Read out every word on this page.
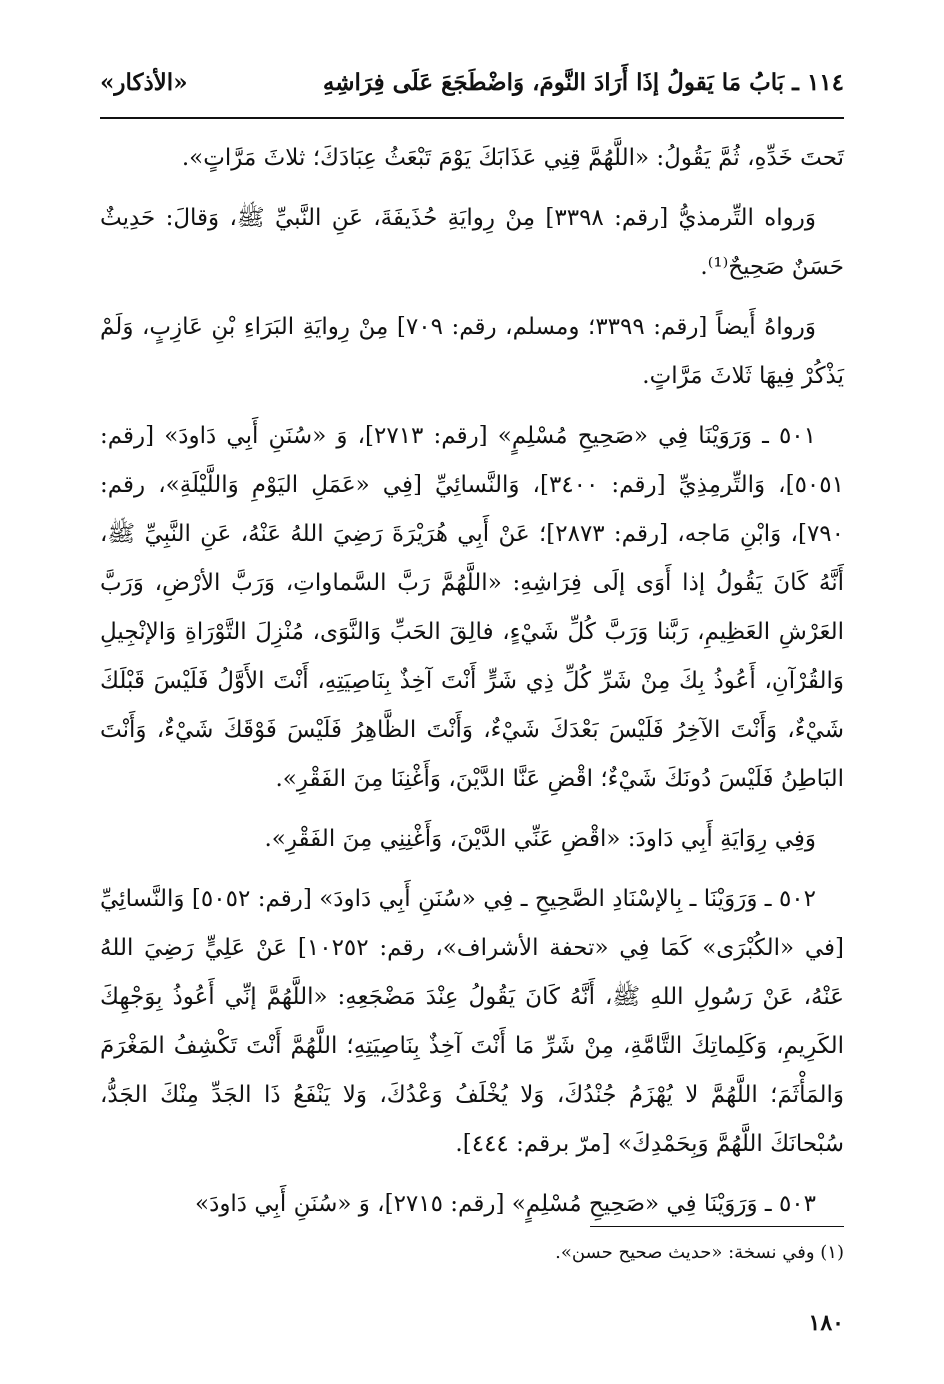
١١٤ ـ بَابُ مَا يَقولُ إذَا أَرَادَ النَّومَ، وَاضْطَجَعَ عَلَى فِرَاشِهِ
«الأذكار»

تَحتَ خَدِّهِ، ثُمَّ يَقُولُ: «اللَّهُمَّ قِنِي عَذَابَكَ يَوْمَ تَبْعَثُ عِبَادَكَ؛ ثلاثَ مَرَّاتٍ».

وَرواه التِّرمذيُّ [رقم: ٣٣٩٨] مِنْ رِوايَةِ حُذَيفَةَ، عَنِ النَّبيِّ ﷺ، وَقالَ: حَدِيثٌ حَسَنٌ صَحِيحٌ⁽¹⁾.

وَرواهُ أَيضاً [رقم: ٣٣٩٩؛ ومسلم، رقم: ٧٠٩] مِنْ رِوايَةِ البَرَاءِ بْنِ عَازِبٍ، وَلَمْ يَذْكُرْ فِيهَا ثَلاثَ مَرَّاتٍ.

٥٠١ ـ وَرَوَيْنَا فِي «صَحِيحِ مُسْلِمٍ» [رقم: ٢٧١٣]، وَ «سُنَنِ أَبِي دَاودَ» [رقم: ٥٠٥١]، وَالتِّرمِذِيِّ [رقم: ٣٤٠٠]، وَالنَّسائِيِّ [فِي «عَمَلِ اليَوْمِ وَاللَّيْلَةِ»، رقم: ٧٩٠]، وَابْنِ مَاجه، [رقم: ٢٨٧٣]؛ عَنْ أَبِي هُرَيْرَةَ رَضِيَ اللهُ عَنْهُ، عَنِ النَّبِيِّ ﷺ، أَنَّهُ كَانَ يَقُولُ إذا أَوَى إلَى فِرَاشِهِ: «اللَّهُمَّ رَبَّ السَّماواتِ، وَرَبَّ الأرْضِ، وَرَبَّ العَرْشِ العَظِيمِ، رَبَّنا وَرَبَّ كُلِّ شَيْءٍ، فالِقَ الحَبِّ وَالنَّوَى، مُنْزِلَ التَّوْرَاةِ وَالإنْجِيلِ وَالقُرْآنِ، أَعُوذُ بِكَ مِنْ شَرِّ كُلِّ ذِي شَرٍّ أَنْتَ آخِذٌ بِنَاصِيَتِهِ، أَنْتَ الأَوَّلُ فَلَيْسَ قَبْلَكَ شَيْءٌ، وَأَنْتَ الآخِرُ فَلَيْسَ بَعْدَكَ شَيْءٌ، وَأَنْتَ الظَّاهِرُ فَلَيْسَ فَوْقَكَ شَيْءٌ، وَأَنْتَ البَاطِنُ فَلَيْسَ دُونَكَ شَيْءٌ؛ اقْضِ عَنَّا الدَّيْنَ، وَأَغْنِنَا مِنَ الفَقْرِ».

وَفِي رِوَايَةِ أَبِي دَاودَ: «اقْضِ عَنِّي الدَّيْنَ، وَأَغْنِنِي مِنَ الفَقْرِ».

٥٠٢ ـ وَرَوَيْنَا ـ بِالإسْنَادِ الصَّحِيحِ ـ فِي «سُنَنِ أَبِي دَاودَ» [رقم: ٥٠٥٢] وَالنَّسائِيِّ [في «الكُبْرَى» كَمَا فِي «تحفة الأشراف»، رقم: ١٠٢٥٢] عَنْ عَلِيٍّ رَضِيَ اللهُ عَنْهُ، عَنْ رَسُولِ اللهِ ﷺ، أَنَّهُ كَانَ يَقُولُ عِنْدَ مَضْجَعِهِ: «اللَّهُمَّ إنِّي أَعُوذُ بِوَجْهِكَ الكَرِيمِ، وَكَلِماتِكَ التَّامَّةِ، مِنْ شَرِّ مَا أَنْتَ آخِذٌ بِنَاصِيَتِهِ؛ اللَّهُمَّ أَنْتَ تَكْشِفُ المَغْرَمَ وَالمَأْثَمَ؛ اللَّهُمَّ لا يُهْزَمُ جُنْدُكَ، وَلا يُخْلَفُ وَعْدُكَ، وَلا يَنْفَعُ ذَا الجَدِّ مِنْكَ الجَدُّ، سُبْحانَكَ اللَّهُمَّ وَبِحَمْدِكَ» [مرّ برقم: ٤٤٤].

٥٠٣ ـ وَرَوَيْنَا فِي «صَحِيحِ مُسْلِمٍ» [رقم: ٢٧١٥]، وَ «سُنَنِ أَبِي دَاودَ»

(١) وفي نسخة: «حديث صحيح حسن».
١٨٠
